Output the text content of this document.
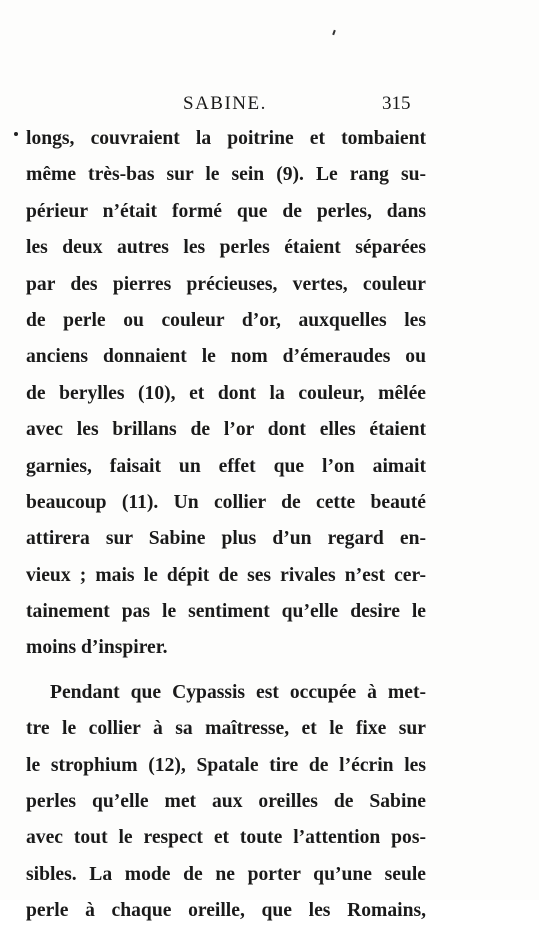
SABINE.	315
longs, couvraient la poitrine et tombaient
même très-bas sur le sein (9). Le rang su-
périeur n’était formé que de perles, dans
les deux autres les perles étaient séparées
par des pierres précieuses, vertes, couleur
de perle ou couleur d’or, auxquelles les
anciens donnaient le nom d’émeraudes ou
de berylles (10), et dont la couleur, mêlée
avec les brillans de l’or dont elles étaient
garnies, faisait un effet que l’on aimait
beaucoup (11). Un collier de cette beauté
attirera sur Sabine plus d’un regard en-
vieux ; mais le dépit de ses rivales n’est cer-
tainement pas le sentiment qu’elle desire le
moins d’inspirer.
Pendant que Cypassis est occupée à met-
tre le collier à sa maîtresse, et le fixe sur
le strophium (12), Spatale tire de l’écrin les
perles qu’elle met aux oreilles de Sabine
avec tout le respect et toute l’attention pos-
sibles. La mode de ne porter qu’une seule
perle à chaque oreille, que les Romains,
